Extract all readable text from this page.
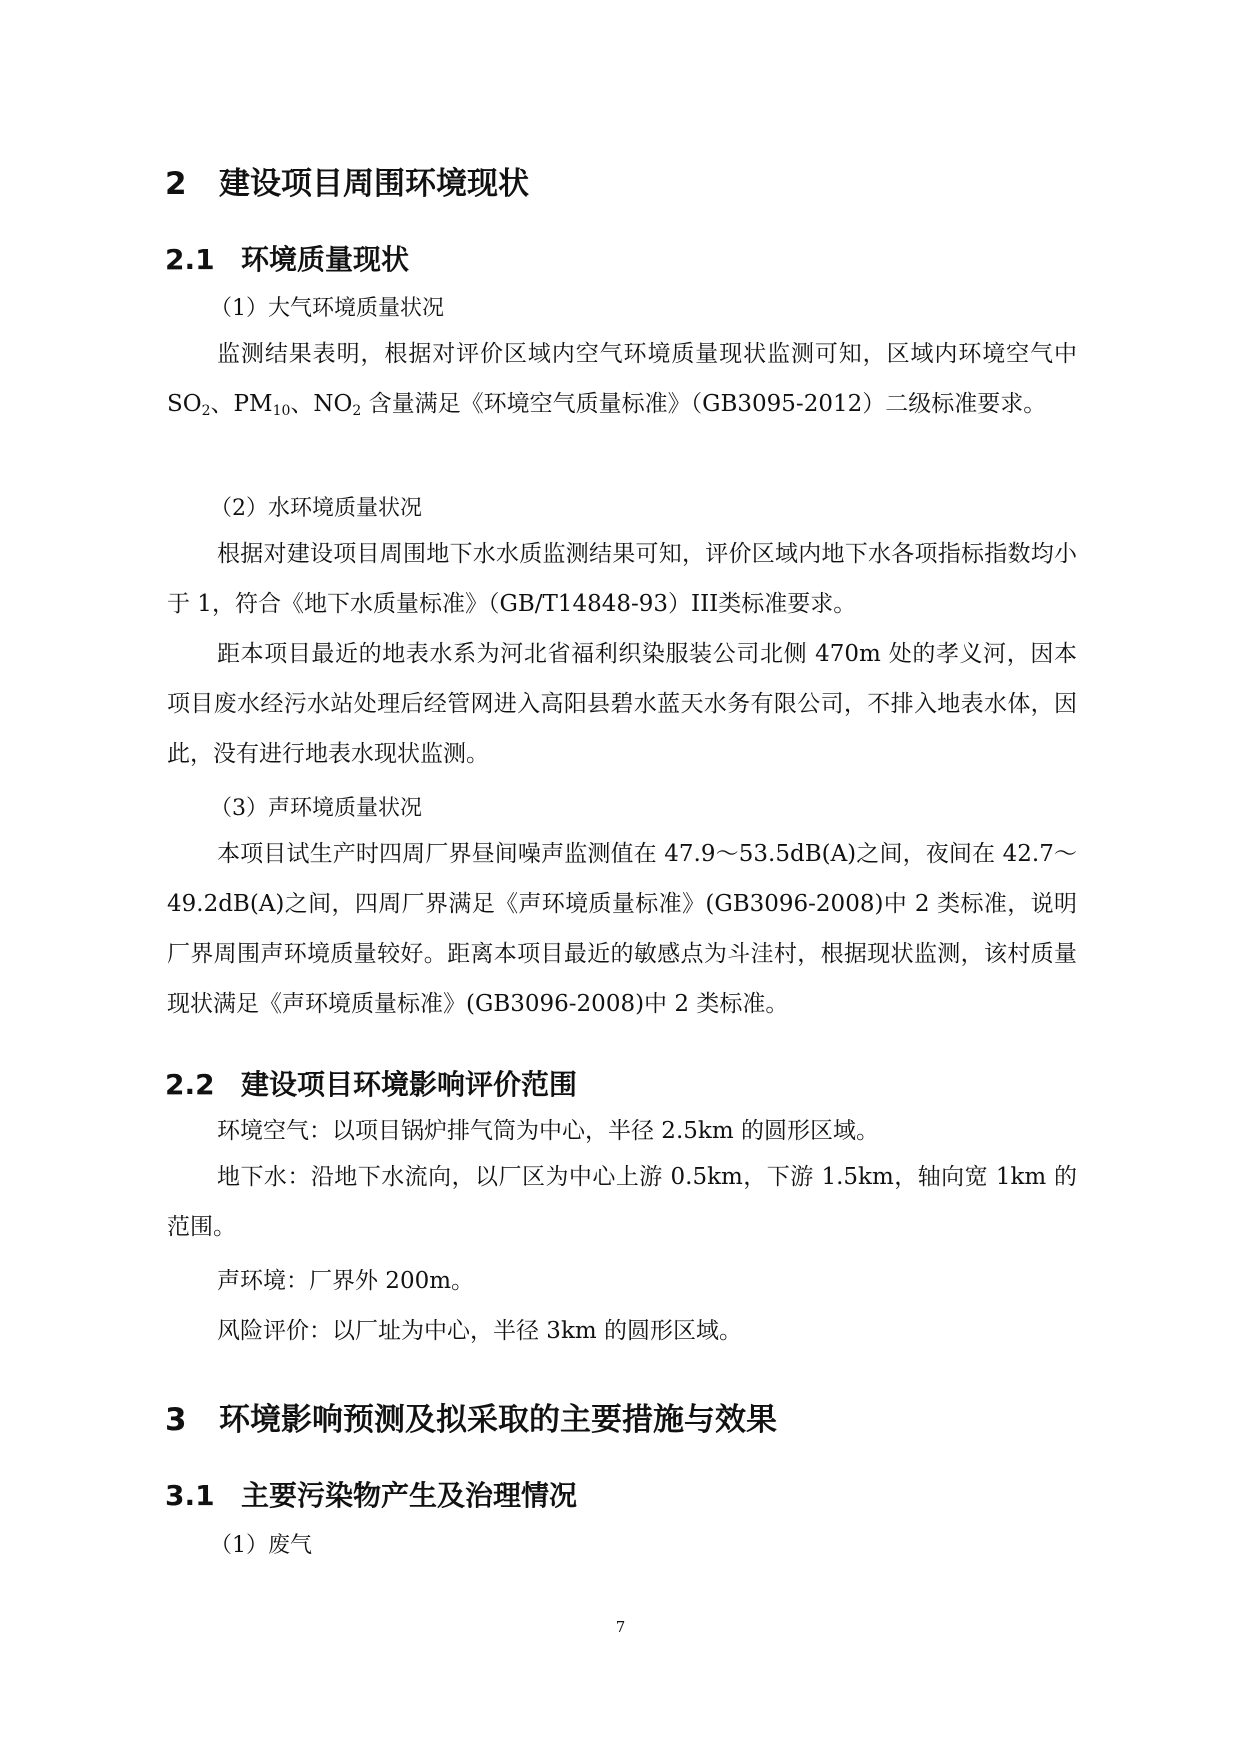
2 建设项目周围环境现状
2.1 环境质量现状
（1）大气环境质量状况

监测结果表明，根据对评价区域内空气环境质量现状监测可知，区域内环境空气中 $SO_2$、$PM_{10}$、$NO_2$ 含量满足《环境空气质量标准》（GB3095-2012）二级标准要求。

（2）水环境质量状况

根据对建设项目周围地下水水质监测结果可知，评价区域内地下水各项指标指数均小于 1，符合《地下水质量标准》（GB/T14848-93）III类标准要求。

距本项目最近的地表水系为河北省福利织染服装公司北侧 470m 处的孝义河，因本项目废水经污水站处理后经管网进入高阳县碧水蓝天水务有限公司，不排入地表水体，因此，没有进行地表水现状监测。

（3）声环境质量状况

本项目试生产时四周厂界昼间噪声监测值在 47.9～53.5dB(A)之间，夜间在 42.7～49.2dB(A)之间，四周厂界满足《声环境质量标准》(GB3096-2008)中 2 类标准，说明厂界周围声环境质量较好。距离本项目最近的敏感点为斗洼村，根据现状监测，该村质量现状满足《声环境质量标准》(GB3096-2008)中 2 类标准。

2.2 建设项目环境影响评价范围
环境空气：以项目锅炉排气筒为中心，半径 2.5km 的圆形区域。

地下水：沿地下水流向，以厂区为中心上游 0.5km，下游 1.5km，轴向宽 1km 的范围。

声环境：厂界外 200m。
风险评价：以厂址为中心，半径 3km 的圆形区域。
3 环境影响预测及拟采取的主要措施与效果
3.1 主要污染物产生及治理情况
（1）废气
7
